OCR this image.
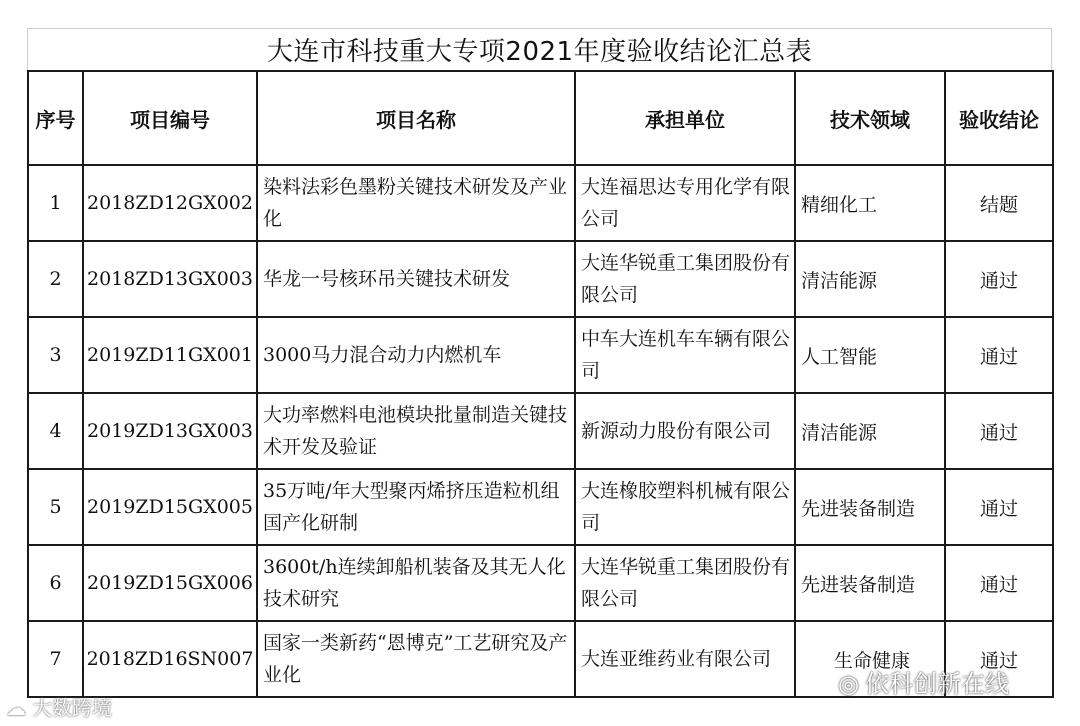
大连市科技重大专项2021年度验收结论汇总表
序号	项目编号	项目名称	承担单位	技术领域	验收结论
1	2018ZD12GX002	染料法彩色墨粉关键技术研发及产业化	大连福思达专用化学有限公司	精细化工	结题
2	2018ZD13GX003	华龙一号核环吊关键技术研发	大连华锐重工集团股份有限公司	清洁能源	通过
3	2019ZD11GX001	3000马力混合动力内燃机车	中车大连机车车辆有限公司	人工智能	通过
4	2019ZD13GX003	大功率燃料电池模块批量制造关键技术开发及验证	新源动力股份有限公司	清洁能源	通过
5	2019ZD15GX005	35万吨/年大型聚丙烯挤压造粒机组国产化研制	大连橡胶塑料机械有限公司	先进装备制造	通过
6	2019ZD15GX006	3600t/h连续卸船机装备及其无人化技术研究	大连华锐重工集团股份有限公司	先进装备制造	通过
7	2018ZD16SN007	国家一类新药“恩博克”工艺研究及产业化	大连亚维药业有限公司	生命健康	通过
☁ 大数跨境
◎ 依科创新在线
